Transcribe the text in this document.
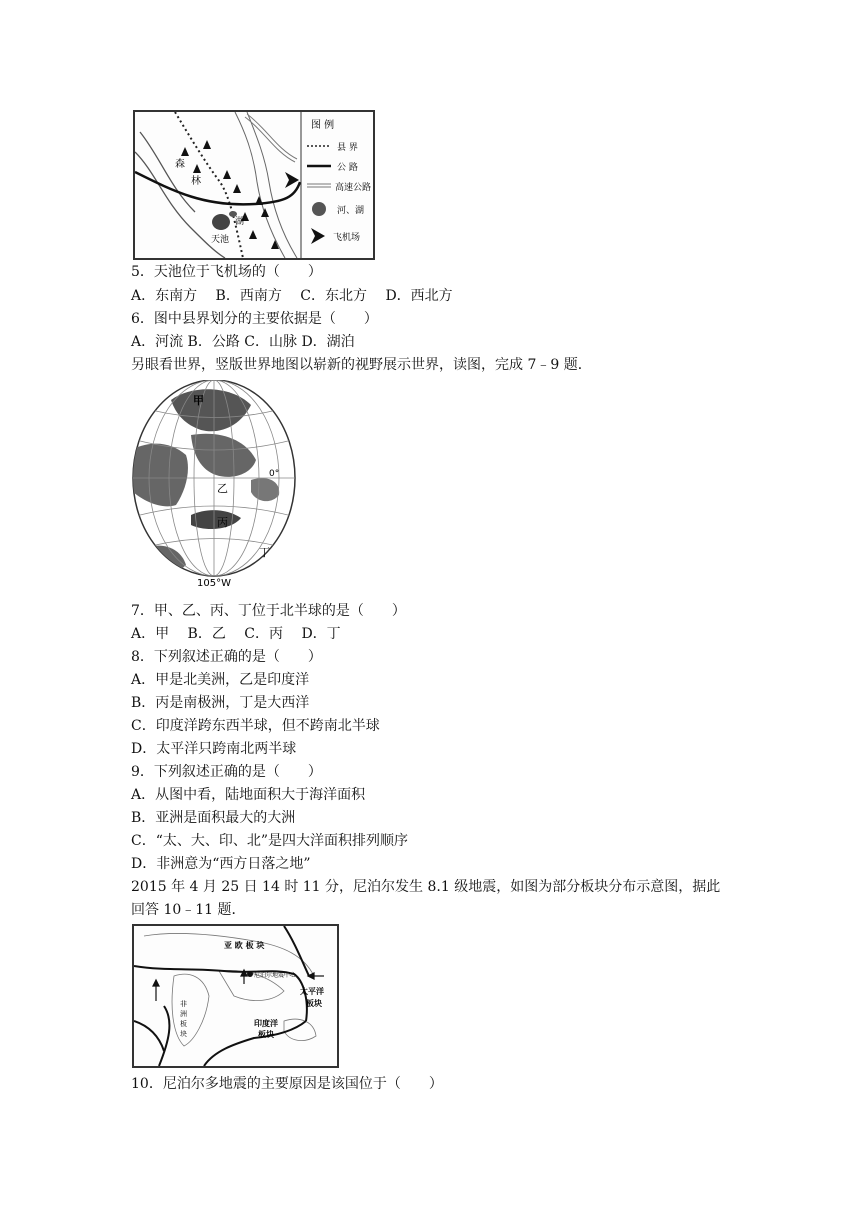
森
林
天池
湖
图 例
县 界
公 路
高速公路
河、湖
飞机场
5．天池位于飞机场的（　　）
A．东南方　 B．西南方　 C．东北方　 D．西北方
6．图中县界划分的主要依据是（　　）
A．河流 B．公路 C．山脉 D．湖泊
另眼看世界，竖版世界地图以崭新的视野展示世界，读图，完成 7﹣9 题．
甲
乙
丙
丁
0°
105°W
7．甲、乙、丙、丁位于北半球的是（　　）
A．甲　 B．乙　 C．丙　 D．丁
8．下列叙述正确的是（　　）
A．甲是北美洲，乙是印度洋
B．丙是南极洲，丁是大西洋
C．印度洋跨东西半球，但不跨南北半球
D．太平洋只跨南北两半球
9．下列叙述正确的是（　　）
A．从图中看，陆地面积大于海洋面积
B．亚洲是面积最大的大洲
C．“太、大、印、北”是四大洋面积排列顺序
D．非洲意为“西方日落之地”
2015 年 4 月 25 日 14 时 11 分，尼泊尔发生 8.1 级地震，如图为部分板块分布示意图，据此
回答 10﹣11 题．
亚 欧 板 块
尼泊尔地震中心
太平洋
板块
非
洲
板
块
印度洋
板块
10．尼泊尔多地震的主要原因是该国位于（　　）
